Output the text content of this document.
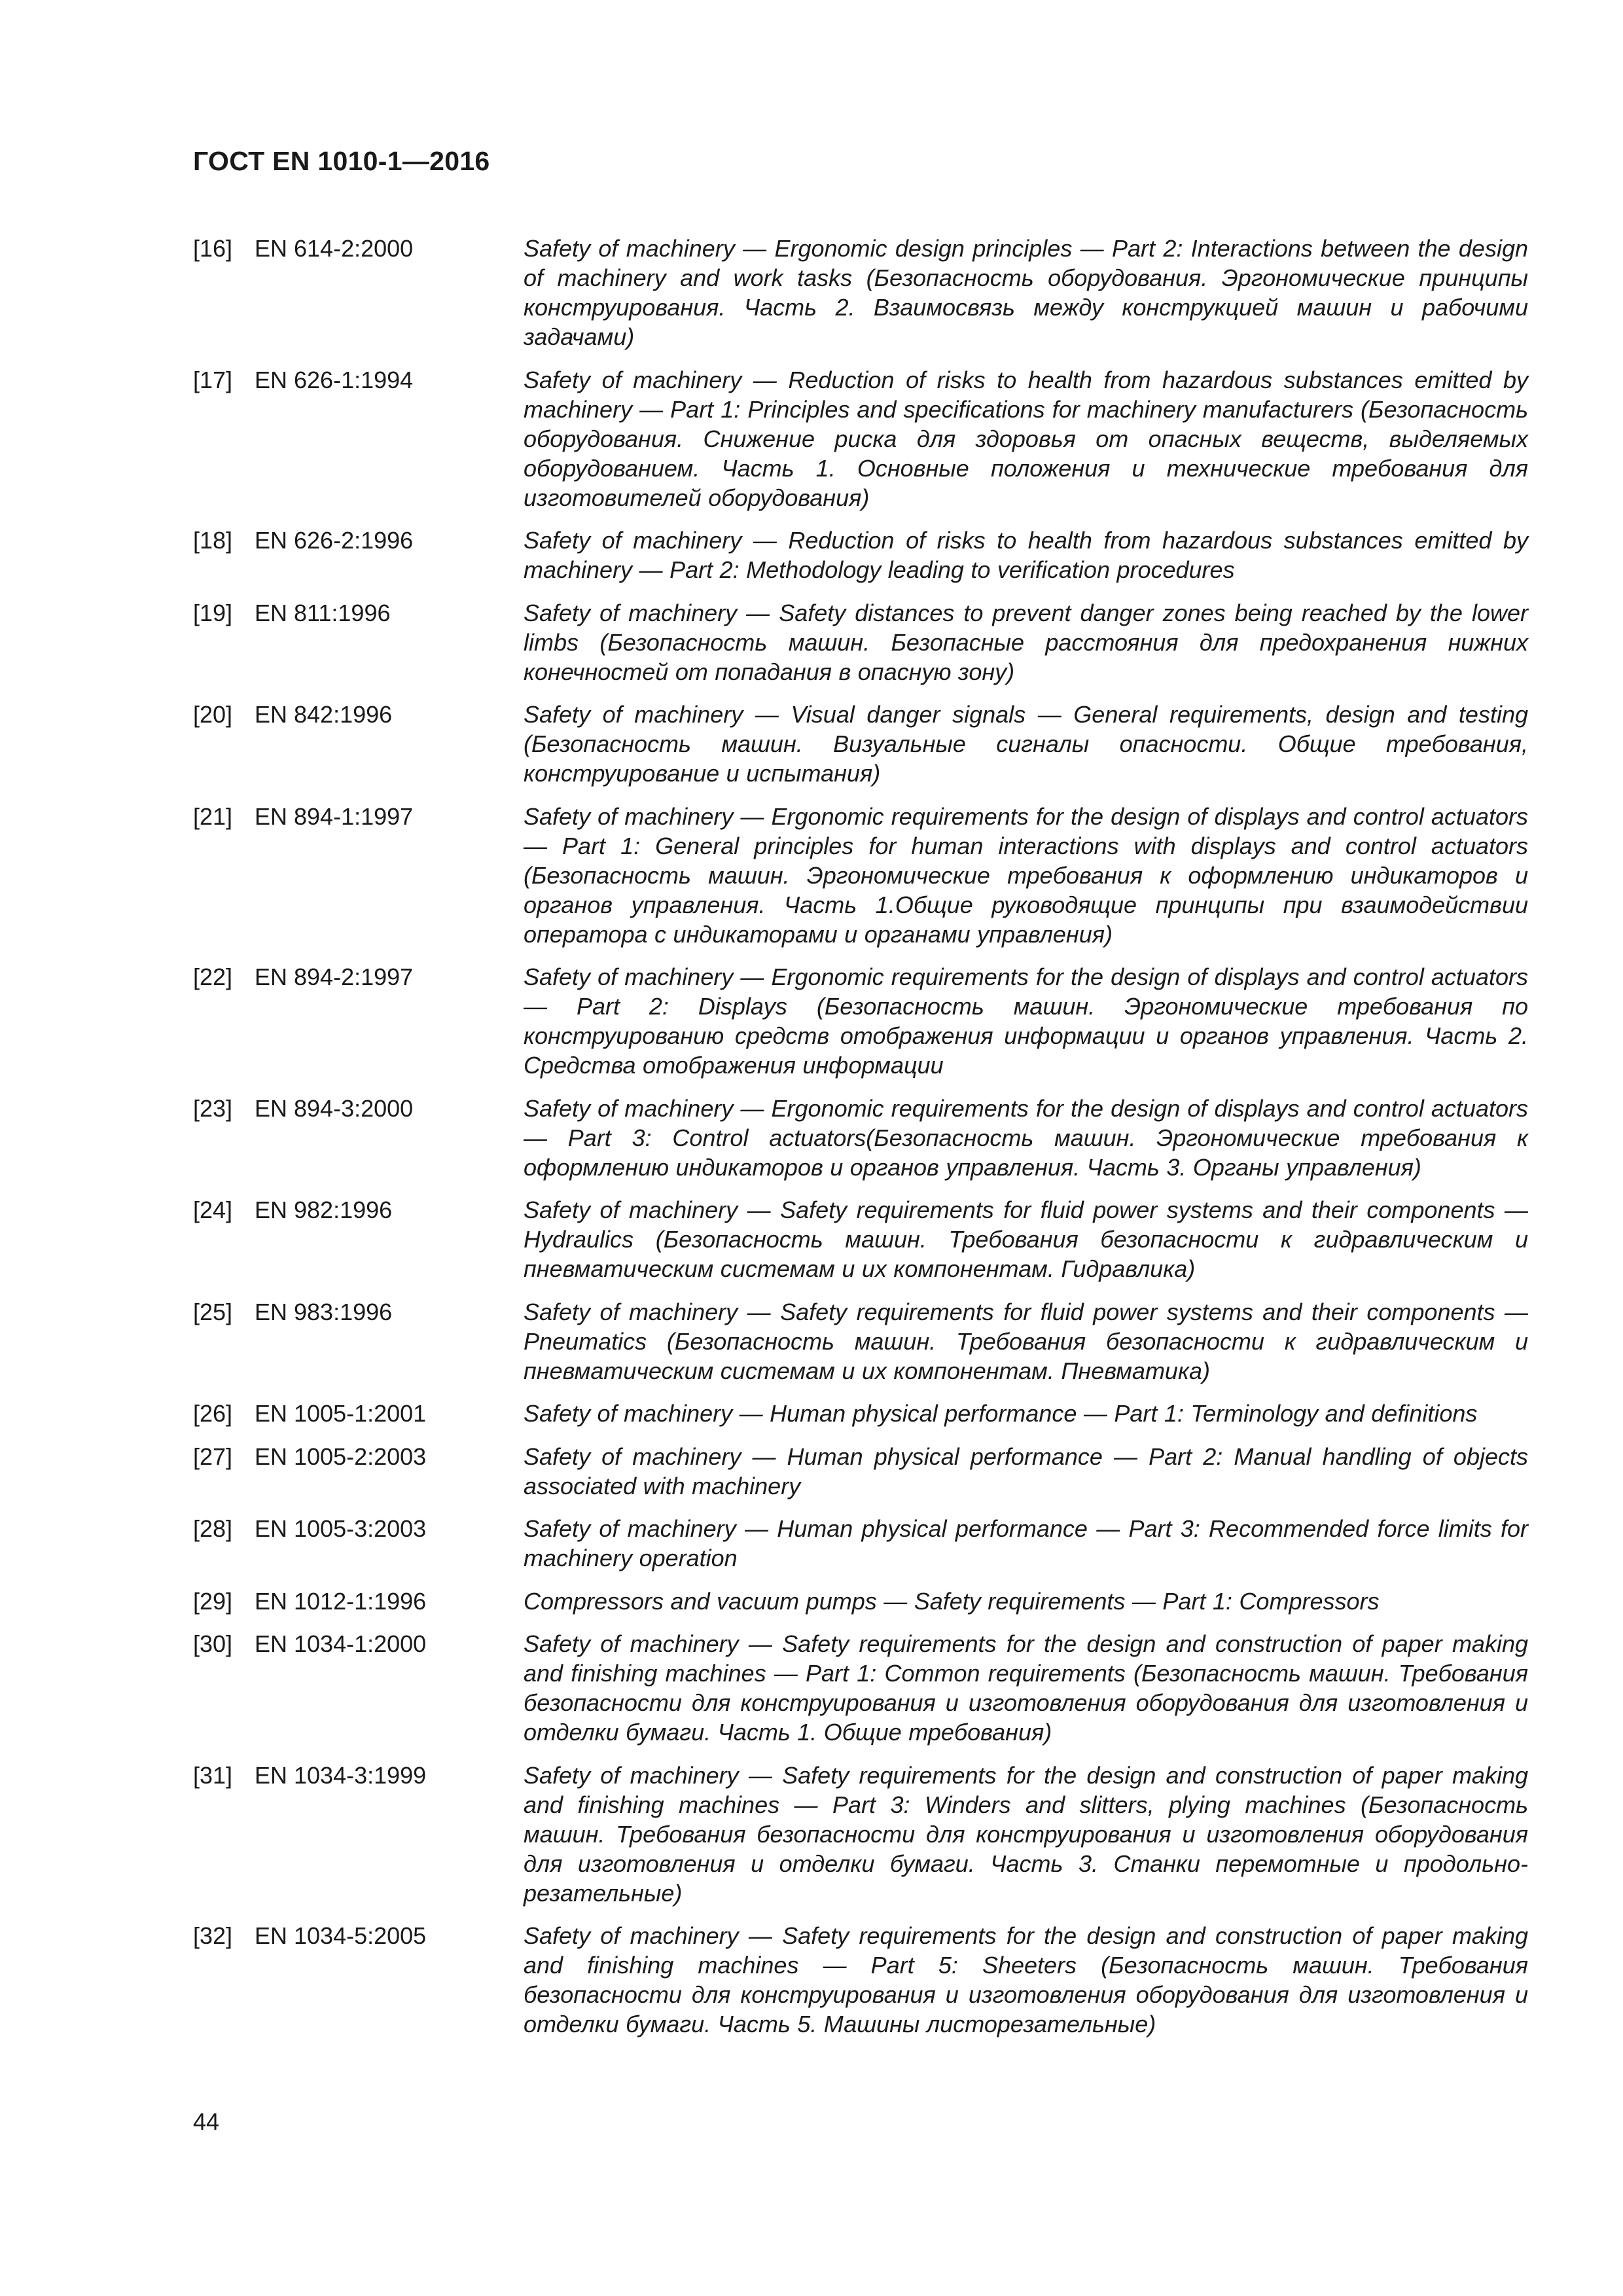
ГОСТ EN 1010-1—2016
[16] EN 614-2:2000	Safety of machinery — Ergonomic design principles — Part 2: Interactions between the design of machinery and work tasks (Безопасность оборудования. Эргономические принципы конструирования. Часть 2. Взаимосвязь между конструкцией машин и рабочими задачами)
[17] EN 626-1:1994	Safety of machinery — Reduction of risks to health from hazardous substances emitted by machinery — Part 1: Principles and specifications for machinery manufacturers (Безопасность оборудования. Снижение риска для здоровья от опасных веществ, выделяемых оборудованием. Часть 1. Основные положения и технические требования для изготовителей оборудования)
[18] EN 626-2:1996	Safety of machinery — Reduction of risks to health from hazardous substances emitted by machinery — Part 2: Methodology leading to verification procedures
[19] EN 811:1996	Safety of machinery — Safety distances to prevent danger zones being reached by the lower limbs (Безопасность машин. Безопасные расстояния для предохранения нижних конечностей от попадания в опасную зону)
[20] EN 842:1996	Safety of machinery — Visual danger signals — General requirements, design and testing (Безопасность машин. Визуальные сигналы опасности. Общие требования, конструирование и испытания)
[21] EN 894-1:1997	Safety of machinery — Ergonomic requirements for the design of displays and control actuators — Part 1: General principles for human interactions with displays and control actuators (Безопасность машин. Эргономические требования к оформлению индикаторов и органов управления. Часть 1.Общие руководящие принципы при взаимодействии оператора с индикаторами и органами управления)
[22] EN 894-2:1997	Safety of machinery — Ergonomic requirements for the design of displays and control actuators — Part 2: Displays (Безопасность машин. Эргономические требования по конструированию средств отображения информации и органов управления. Часть 2. Средства отображения информации
[23] EN 894-3:2000	Safety of machinery — Ergonomic requirements for the design of displays and control actuators — Part 3: Control actuators(Безопасность машин. Эргономические требования к оформлению индикаторов и органов управления. Часть 3. Органы управления)
[24] EN 982:1996	Safety of machinery — Safety requirements for fluid power systems and their components — Hydraulics (Безопасность машин. Требования безопасности к гидравлическим и пневматическим системам и их компонентам. Гидравлика)
[25] EN 983:1996	Safety of machinery — Safety requirements for fluid power systems and their components — Pneumatics (Безопасность машин. Требования безопасности к гидравлическим и пневматическим системам и их компонентам. Пневматика)
[26] EN 1005-1:2001	Safety of machinery — Human physical performance — Part 1: Terminology and definitions
[27] EN 1005-2:2003	Safety of machinery — Human physical performance — Part 2: Manual handling of objects associated with machinery
[28] EN 1005-3:2003	Safety of machinery — Human physical performance — Part 3: Recommended force limits for machinery operation
[29] EN 1012-1:1996	Compressors and vacuum pumps — Safety requirements — Part 1: Compressors
[30] EN 1034-1:2000	Safety of machinery — Safety requirements for the design and construction of paper making and finishing machines — Part 1: Common requirements (Безопасность машин. Требования безопасности для конструирования и изготовления оборудования для изготовления и отделки бумаги. Часть 1. Общие требования)
[31] EN 1034-3:1999	Safety of machinery — Safety requirements for the design and construction of paper making and finishing machines — Part 3: Winders and slitters, plying machines (Безопасность машин. Требования безопасности для конструирования и изготовления оборудования для изготовления и отделки бумаги. Часть 3. Станки перемотные и продольно-резательные)
[32] EN 1034-5:2005	Safety of machinery — Safety requirements for the design and construction of paper making and finishing machines — Part 5: Sheeters (Безопасность машин. Требования безопасности для конструирования и изготовления оборудования для изготовления и отделки бумаги. Часть 5. Машины листорезательные)
44
